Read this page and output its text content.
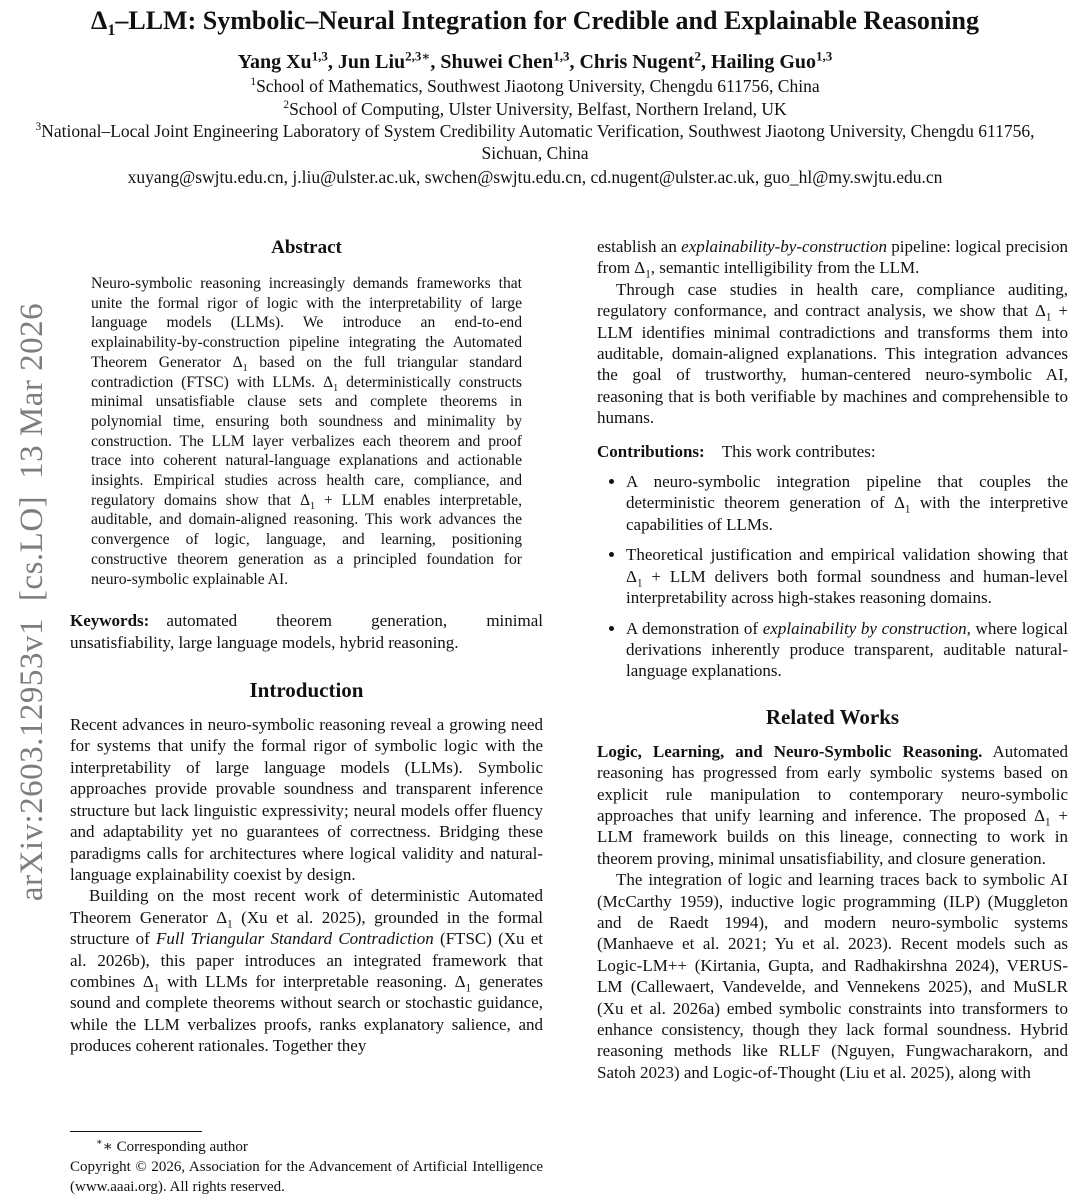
arXiv:2603.12953v1 [cs.LO] 13 Mar 2026
$\Delta_1$–LLM: Symbolic–Neural Integration for Credible and Explainable Reasoning
Yang Xu$^{1,3}$, Jun Liu$^{2,3∗}$, Shuwei Chen$^{1,3}$, Chris Nugent$^2$, Hailing Guo$^{1,3}$
$^1$School of Mathematics, Southwest Jiaotong University, Chengdu 611756, China
$^2$School of Computing, Ulster University, Belfast, Northern Ireland, UK
$^3$National–Local Joint Engineering Laboratory of System Credibility Automatic Verification, Southwest Jiaotong University, Chengdu 611756, Sichuan, China
xuyang@swjtu.edu.cn, j.liu@ulster.ac.uk, swchen@swjtu.edu.cn, cd.nugent@ulster.ac.uk, guo_hl@my.swjtu.edu.cn
Abstract
Neuro-symbolic reasoning increasingly demands frameworks that unite the formal rigor of logic with the interpretability of large language models (LLMs). We introduce an end-to-end explainability-by-construction pipeline integrating the Automated Theorem Generator $\Delta_1$ based on the full triangular standard contradiction (FTSC) with LLMs. $\Delta_1$ deterministically constructs minimal unsatisfiable clause sets and complete theorems in polynomial time, ensuring both soundness and minimality by construction. The LLM layer verbalizes each theorem and proof trace into coherent natural-language explanations and actionable insights. Empirical studies across health care, compliance, and regulatory domains show that $\Delta_1$ + LLM enables interpretable, auditable, and domain-aligned reasoning. This work advances the convergence of logic, language, and learning, positioning constructive theorem generation as a principled foundation for neuro-symbolic explainable AI.

Keywords: automated theorem generation, minimal unsatisfiability, large language models, hybrid reasoning.

Introduction

Recent advances in neuro-symbolic reasoning reveal a growing need for systems that unify the formal rigor of symbolic logic with the interpretability of large language models (LLMs). Symbolic approaches provide provable soundness and transparent inference structure but lack linguistic expressivity; neural models offer fluency and adaptability yet no guarantees of correctness. Bridging these paradigms calls for architectures where logical validity and natural-language explainability coexist by design.

Building on the most recent work of deterministic Automated Theorem Generator $\Delta_1$ (Xu et al. 2025), grounded in the formal structure of Full Triangular Standard Contradiction (FTSC) (Xu et al. 2026b), this paper introduces an integrated framework that combines $\Delta_1$ with LLMs for interpretable reasoning. $\Delta_1$ generates sound and complete theorems without search or stochastic guidance, while the LLM verbalizes proofs, ranks explanatory salience, and produces coherent rationales. Together they

∗∗ Corresponding author
Copyright © 2026, Association for the Advancement of Artificial Intelligence (www.aaai.org). All rights reserved.

establish an explainability-by-construction pipeline: logical precision from $\Delta_1$, semantic intelligibility from the LLM.

Through case studies in health care, compliance auditing, regulatory conformance, and contract analysis, we show that $\Delta_1$ + LLM identifies minimal contradictions and transforms them into auditable, domain-aligned explanations. This integration advances the goal of trustworthy, human-centered neuro-symbolic AI, reasoning that is both verifiable by machines and comprehensible to humans.

Contributions: This work contributes:

• A neuro-symbolic integration pipeline that couples the deterministic theorem generation of $\Delta_1$ with the interpretive capabilities of LLMs.
• Theoretical justification and empirical validation showing that $\Delta_1$ + LLM delivers both formal soundness and human-level interpretability across high-stakes reasoning domains.
• A demonstration of explainability by construction, where logical derivations inherently produce transparent, auditable natural-language explanations.
Related Works

Logic, Learning, and Neuro-Symbolic Reasoning. Automated reasoning has progressed from early symbolic systems based on explicit rule manipulation to contemporary neuro-symbolic approaches that unify learning and inference. The proposed $\Delta_1$ + LLM framework builds on this lineage, connecting to work in theorem proving, minimal unsatisfiability, and closure generation.

The integration of logic and learning traces back to symbolic AI (McCarthy 1959), inductive logic programming (ILP) (Muggleton and de Raedt 1994), and modern neuro-symbolic systems (Manhaeve et al. 2021; Yu et al. 2023). Recent models such as Logic-LM++ (Kirtania, Gupta, and Radhakirshna 2024), VERUS-LM (Callewaert, Vandevelde, and Vennekens 2025), and MuSLR (Xu et al. 2026a) embed symbolic constraints into transformers to enhance consistency, though they lack formal soundness. Hybrid reasoning methods like RLLF (Nguyen, Fungwacharakorn, and Satoh 2023) and Logic-of-Thought (Liu et al. 2025), along with
